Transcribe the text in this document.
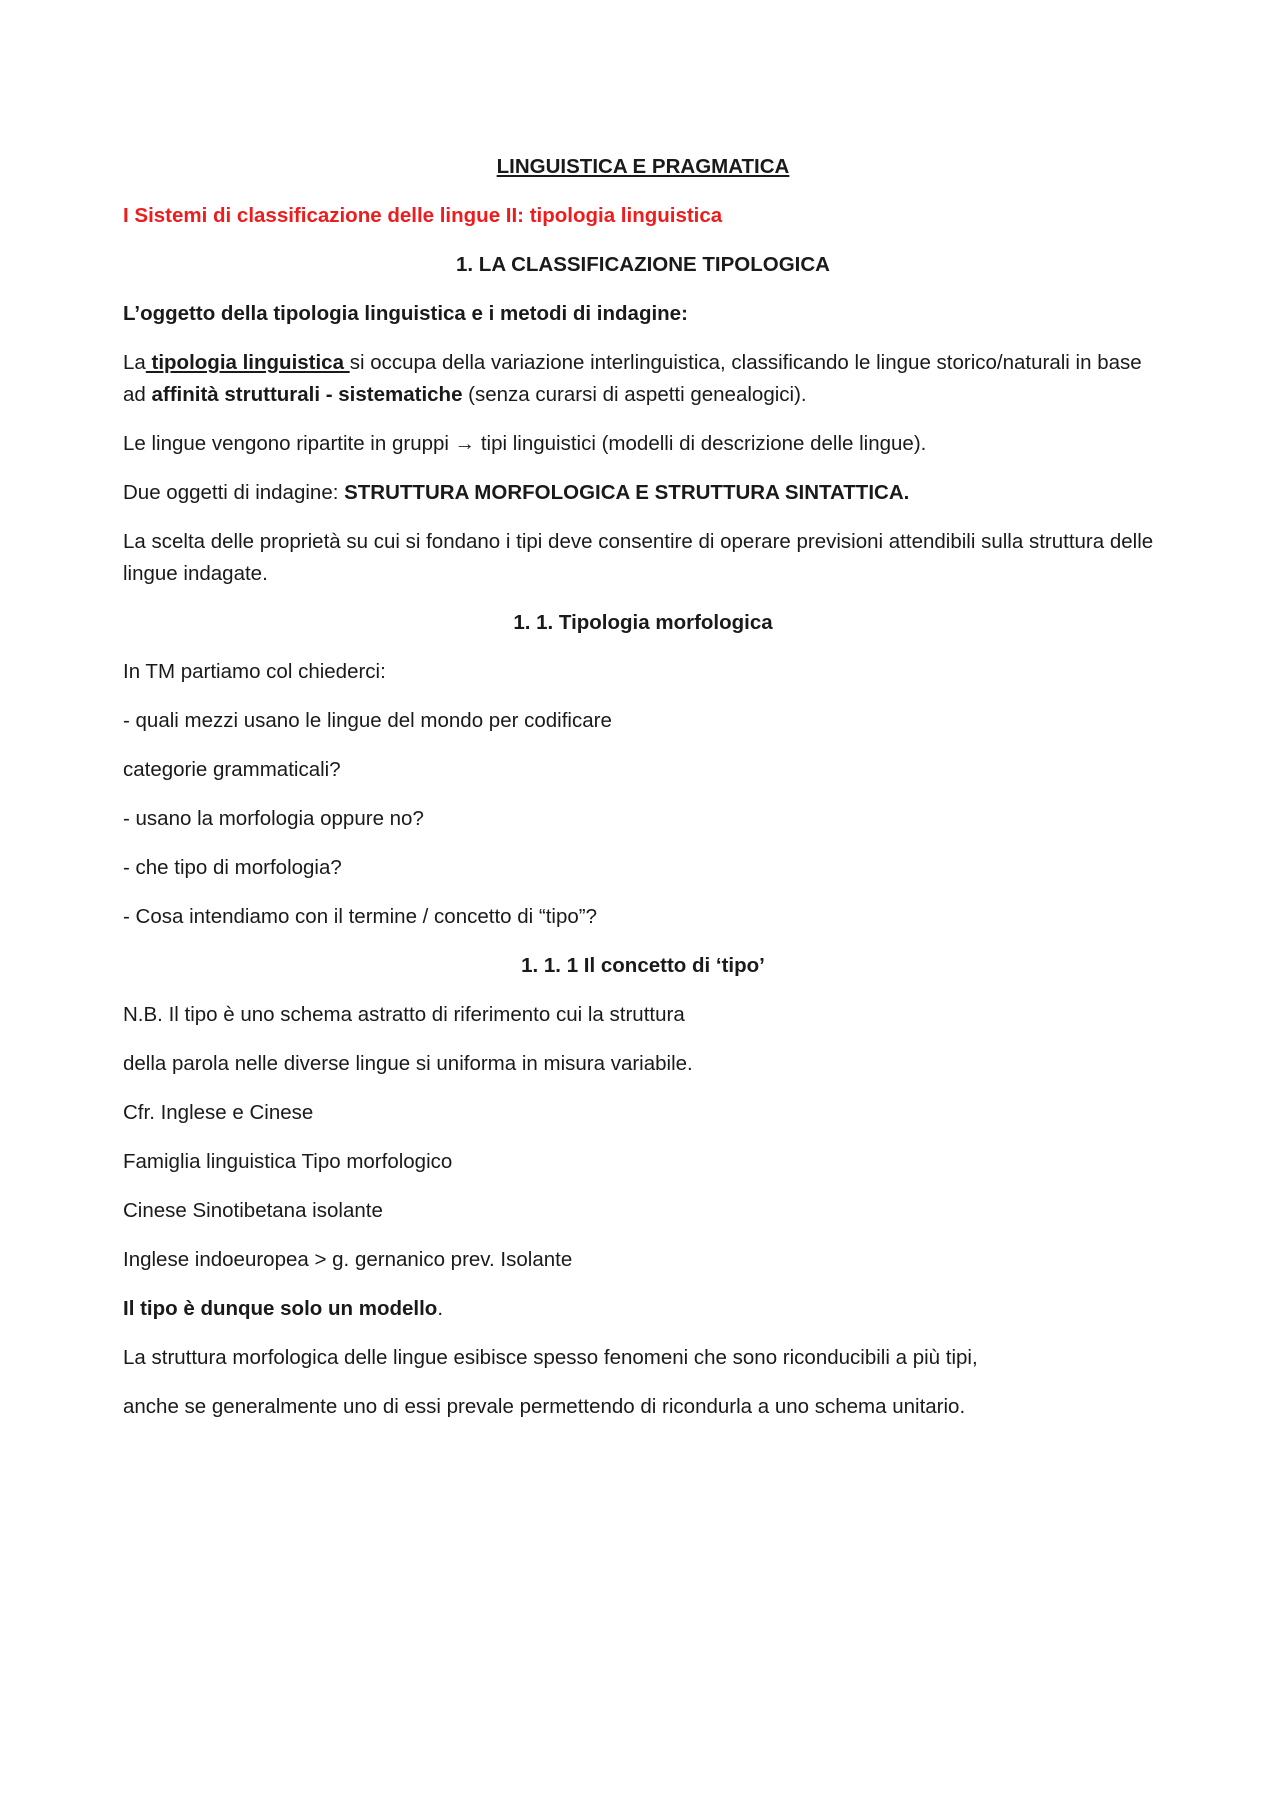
LINGUISTICA E PRAGMATICA

I Sistemi di classificazione delle lingue II: tipologia linguistica

1. LA CLASSIFICAZIONE TIPOLOGICA

L’oggetto della tipologia linguistica e i metodi di indagine:

La tipologia linguistica si occupa della variazione interlinguistica, classificando le lingue storico/naturali in base ad affinità strutturali - sistematiche (senza curarsi di aspetti genealogici).

Le lingue vengono ripartite in gruppi → tipi linguistici (modelli di descrizione delle lingue).

Due oggetti di indagine: STRUTTURA MORFOLOGICA E STRUTTURA SINTATTICA.

La scelta delle proprietà su cui si fondano i tipi deve consentire di operare previsioni attendibili sulla struttura delle lingue indagate.

1. 1. Tipologia morfologica

In TM partiamo col chiederci:

- quali mezzi usano le lingue del mondo per codificare

categorie grammaticali?

- usano la morfologia oppure no?

- che tipo di morfologia?

- Cosa intendiamo con il termine / concetto di “tipo”?

1. 1. 1 Il concetto di ‘tipo’

N.B. Il tipo è uno schema astratto di riferimento cui la struttura

della parola nelle diverse lingue si uniforma in misura variabile.

Cfr. Inglese e Cinese

Famiglia linguistica Tipo morfologico

Cinese Sinotibetana isolante

Inglese indoeuropea > g. gernanico prev. Isolante

Il tipo è dunque solo un modello.

La struttura morfologica delle lingue esibisce spesso fenomeni che sono riconducibili a più tipi,

anche se generalmente uno di essi prevale permettendo di ricondurla a uno schema unitario.
